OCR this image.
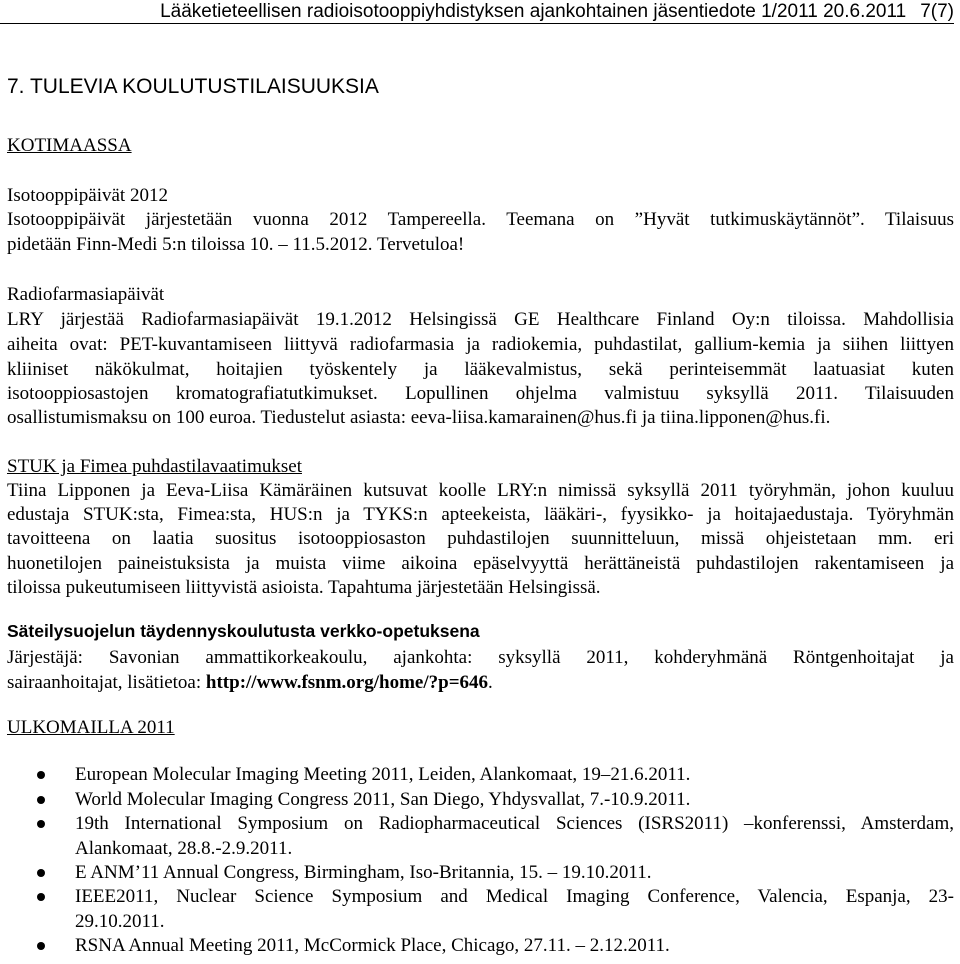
Lääketieteellisen radioisotooppiyhdistyksen ajankohtainen jäsentiedote 1/2011 20.6.2011 7(7)
7. TULEVIA KOULUTUSTILAISUUKSIA
KOTIMAASSA
Isotooppipäivät 2012
Isotooppipäivät järjestetään vuonna 2012 Tampereella. Teemana on ”Hyvät tutkimuskäytännöt”. Tilaisuus
pidetään Finn-Medi 5:n tiloissa 10. – 11.5.2012. Tervetuloa!
Radiofarmasiapäivät
LRY järjestää Radiofarmasiapäivät 19.1.2012 Helsingissä GE Healthcare Finland Oy:n tiloissa. Mahdollisia
aiheita ovat: PET-kuvantamiseen liittyvä radiofarmasia ja radiokemia, puhdastilat, gallium-kemia ja siihen liittyen
kliiniset näkökulmat, hoitajien työskentely ja lääkevalmistus, sekä perinteisemmät laatuasiat kuten
isotooppiosastojen kromatografiatutkimukset. Lopullinen ohjelma valmistuu syksyllä 2011. Tilaisuuden
osallistumismaksu on 100 euroa. Tiedustelut asiasta: eeva-liisa.kamarainen@hus.fi ja tiina.lipponen@hus.fi.
STUK ja Fimea puhdastilavaatimukset
Tiina Lipponen ja Eeva-Liisa Kämäräinen kutsuvat koolle LRY:n nimissä syksyllä 2011 työryhmän, johon kuuluu
edustaja STUK:sta, Fimea:sta, HUS:n ja TYKS:n apteekeista, lääkäri-, fyysikko- ja hoitajaedustaja. Työryhmän
tavoitteena on laatia suositus isotooppiosaston puhdastilojen suunnitteluun, missä ohjeistetaan mm. eri
huonetilojen paineistuksista ja muista viime aikoina epäselvyyttä herättäneistä puhdastilojen rakentamiseen ja
tiloissa pukeutumiseen liittyvistä asioista. Tapahtuma järjestetään Helsingissä.
Säteilysuojelun täydennyskoulutusta verkko-opetuksena
Järjestäjä: Savonian ammattikorkeakoulu, ajankohta: syksyllä 2011, kohderyhmänä Röntgenhoitajat ja
sairaanhoitajat, lisätietoa: http://www.fsnm.org/home/?p=646.
ULKOMAILLA 2011
European Molecular Imaging Meeting 2011, Leiden, Alankomaat, 19–21.6.2011.
World Molecular Imaging Congress 2011, San Diego, Yhdysvallat, 7.-10.9.2011.
19th International Symposium on Radiopharmaceutical Sciences (ISRS2011) –konferenssi, Amsterdam,
Alankomaat, 28.8.-2.9.2011.
E ANM’11 Annual Congress, Birmingham, Iso-Britannia, 15. – 19.10.2011.
IEEE2011, Nuclear Science Symposium and Medical Imaging Conference, Valencia, Espanja, 23-
29.10.2011.
RSNA Annual Meeting 2011, McCormick Place, Chicago, 27.11. – 2.12.2011.
